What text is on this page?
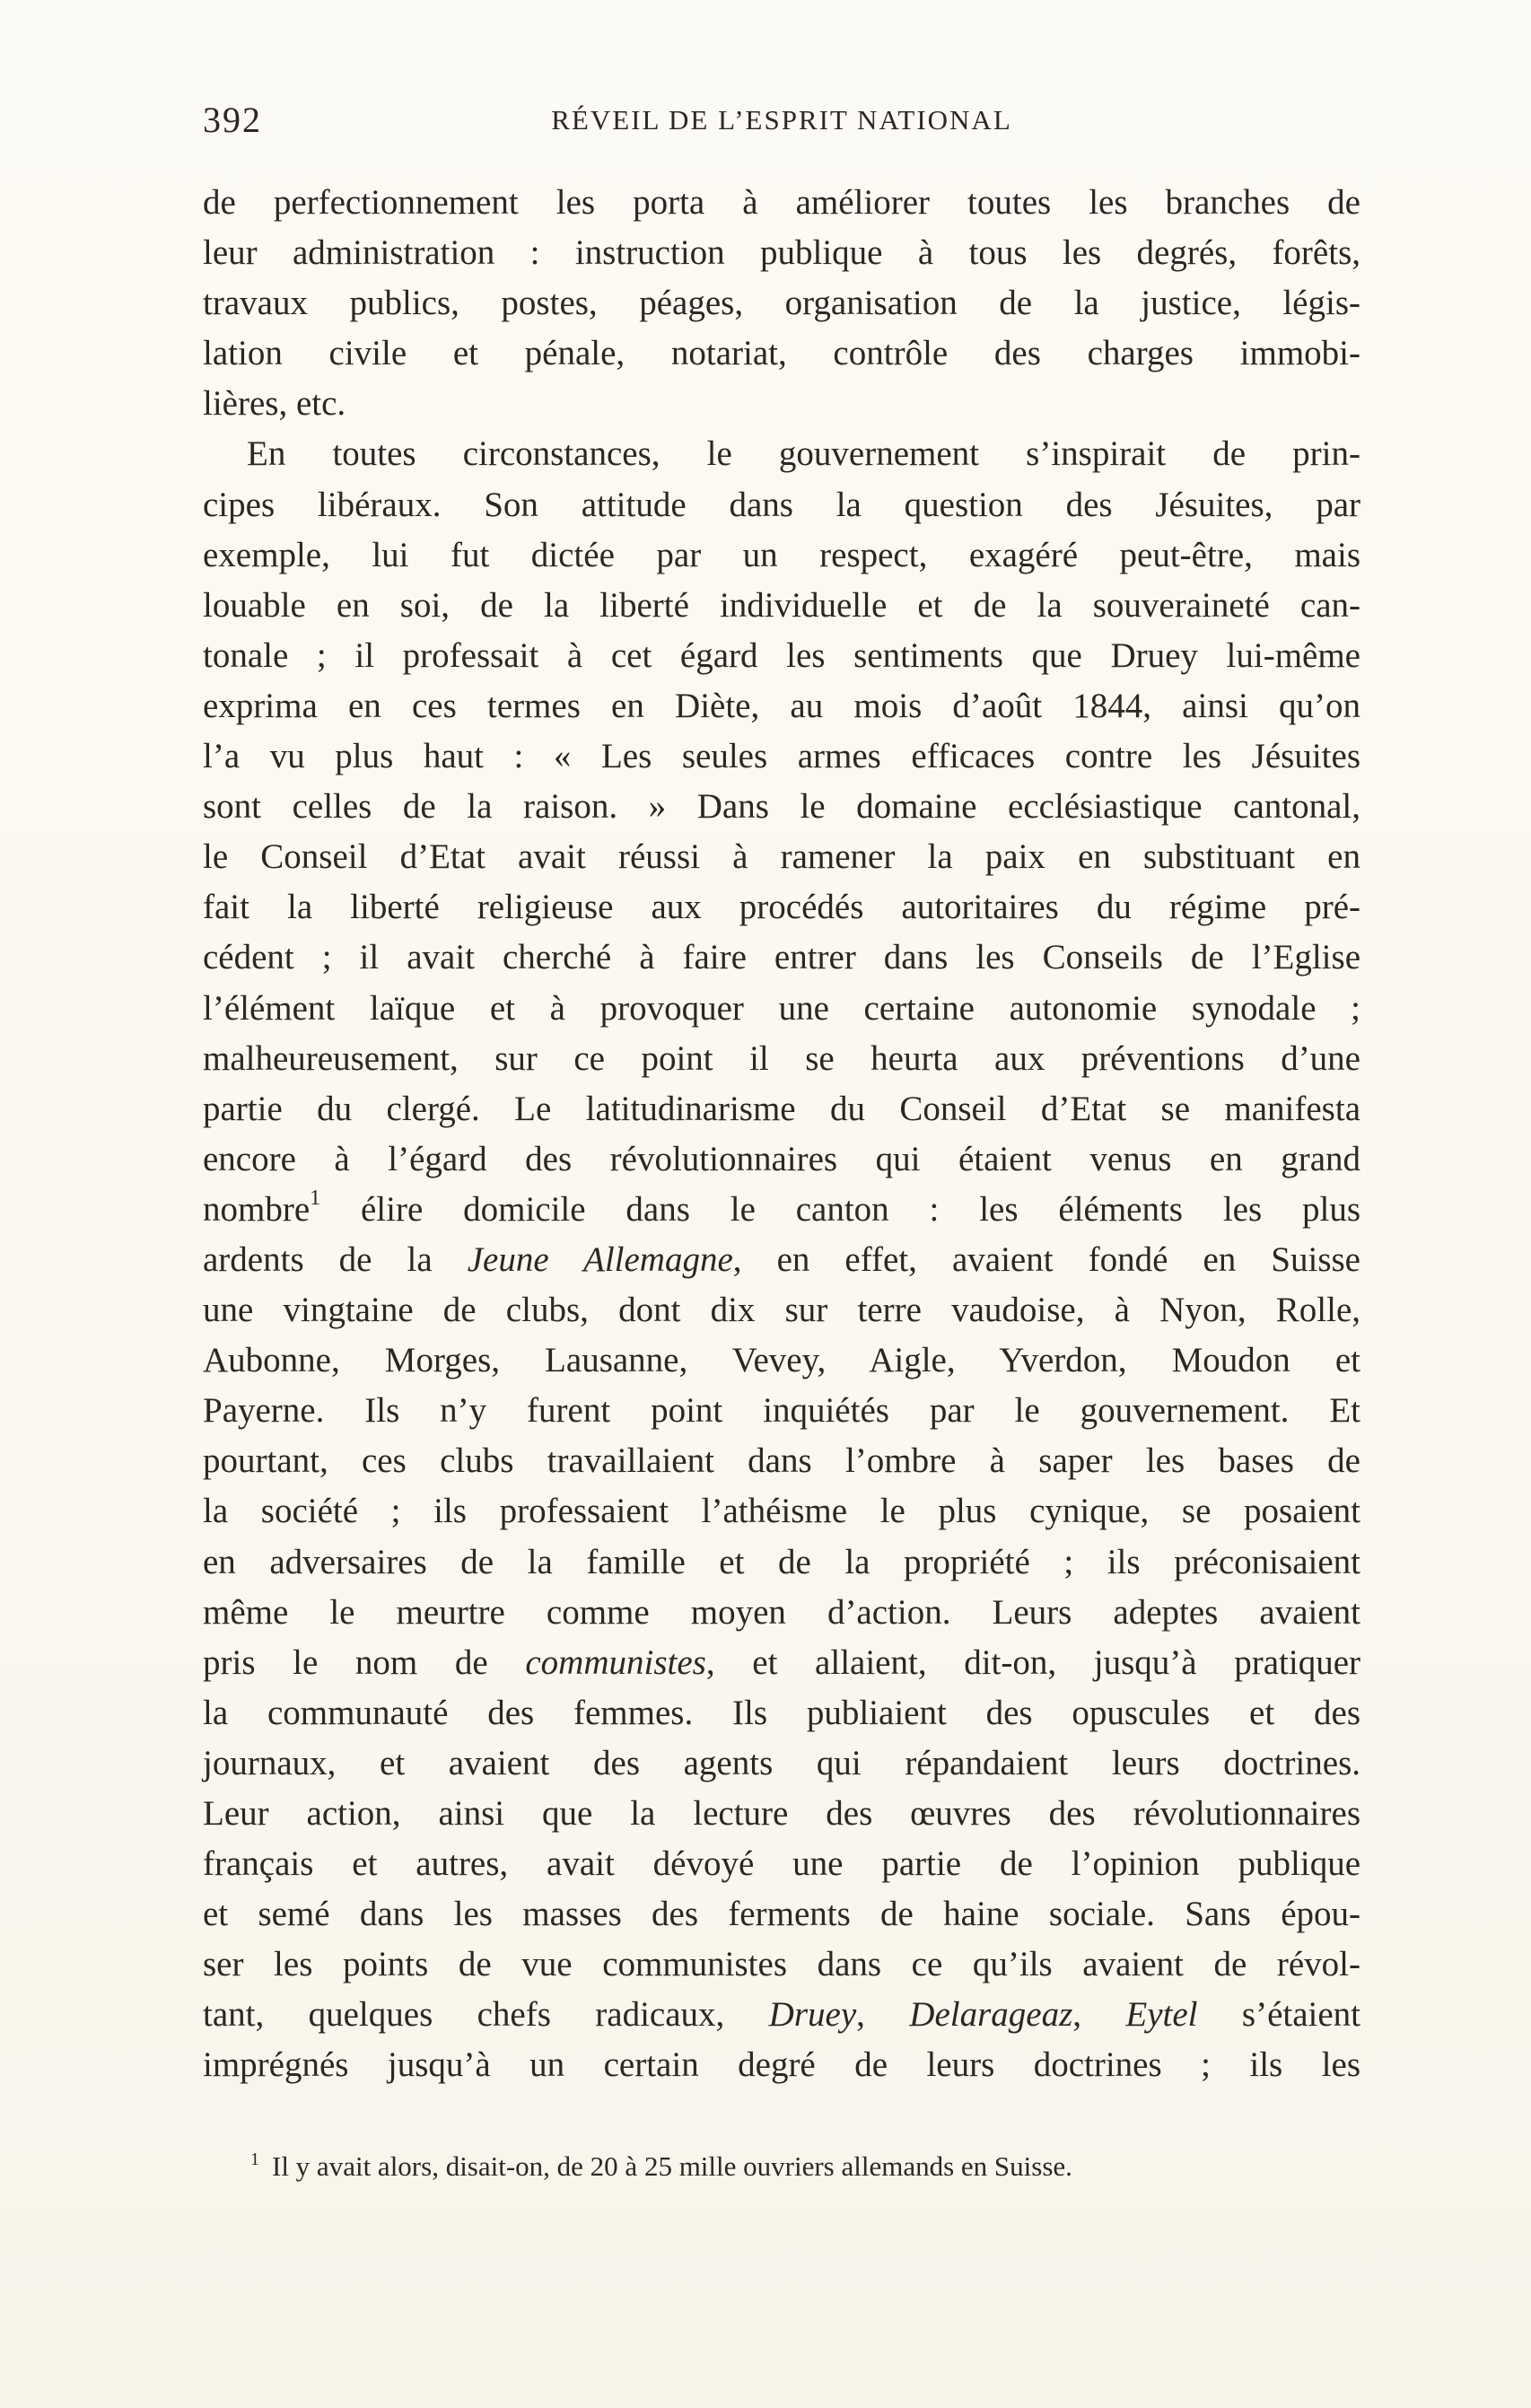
392	RÉVEIL DE L’ESPRIT NATIONAL
de perfectionnement les porta à améliorer toutes les branches de
leur administration : instruction publique à tous les degrés, forêts,
travaux publics, postes, péages, organisation de la justice, légis-
lation civile et pénale, notariat, contrôle des charges immobi-
lières, etc.
En toutes circonstances, le gouvernement s’inspirait de prin-
cipes libéraux. Son attitude dans la question des Jésuites, par
exemple, lui fut dictée par un respect, exagéré peut-être, mais
louable en soi, de la liberté individuelle et de la souveraineté can-
tonale ; il professait à cet égard les sentiments que Druey lui-même
exprima en ces termes en Diète, au mois d’août 1844, ainsi qu’on
l’a vu plus haut : « Les seules armes efficaces contre les Jésuites
sont celles de la raison. » Dans le domaine ecclésiastique cantonal,
le Conseil d’Etat avait réussi à ramener la paix en substituant en
fait la liberté religieuse aux procédés autoritaires du régime pré-
cédent ; il avait cherché à faire entrer dans les Conseils de l’Eglise
l’élément laïque et à provoquer une certaine autonomie synodale ;
malheureusement, sur ce point il se heurta aux préventions d’une
partie du clergé. Le latitudinarisme du Conseil d’Etat se manifesta
encore à l’égard des révolutionnaires qui étaient venus en grand
nombre$^1$ élire domicile dans le canton : les éléments les plus
ardents de la Jeune Allemagne, en effet, avaient fondé en Suisse
une vingtaine de clubs, dont dix sur terre vaudoise, à Nyon, Rolle,
Aubonne, Morges, Lausanne, Vevey, Aigle, Yverdon, Moudon et
Payerne. Ils n’y furent point inquiétés par le gouvernement. Et
pourtant, ces clubs travaillaient dans l’ombre à saper les bases de
la société ; ils professaient l’athéisme le plus cynique, se posaient
en adversaires de la famille et de la propriété ; ils préconisaient
même le meurtre comme moyen d’action. Leurs adeptes avaient
pris le nom de communistes, et allaient, dit-on, jusqu’à pratiquer
la communauté des femmes. Ils publiaient des opuscules et des
journaux, et avaient des agents qui répandaient leurs doctrines.
Leur action, ainsi que la lecture des œuvres des révolutionnaires
français et autres, avait dévoyé une partie de l’opinion publique
et semé dans les masses des ferments de haine sociale. Sans épou-
ser les points de vue communistes dans ce qu’ils avaient de révol-
tant, quelques chefs radicaux, Druey, Delarageaz, Eytel s’étaient
imprégnés jusqu’à un certain degré de leurs doctrines ; ils les
1 Il y avait alors, disait-on, de 20 à 25 mille ouvriers allemands en Suisse.
